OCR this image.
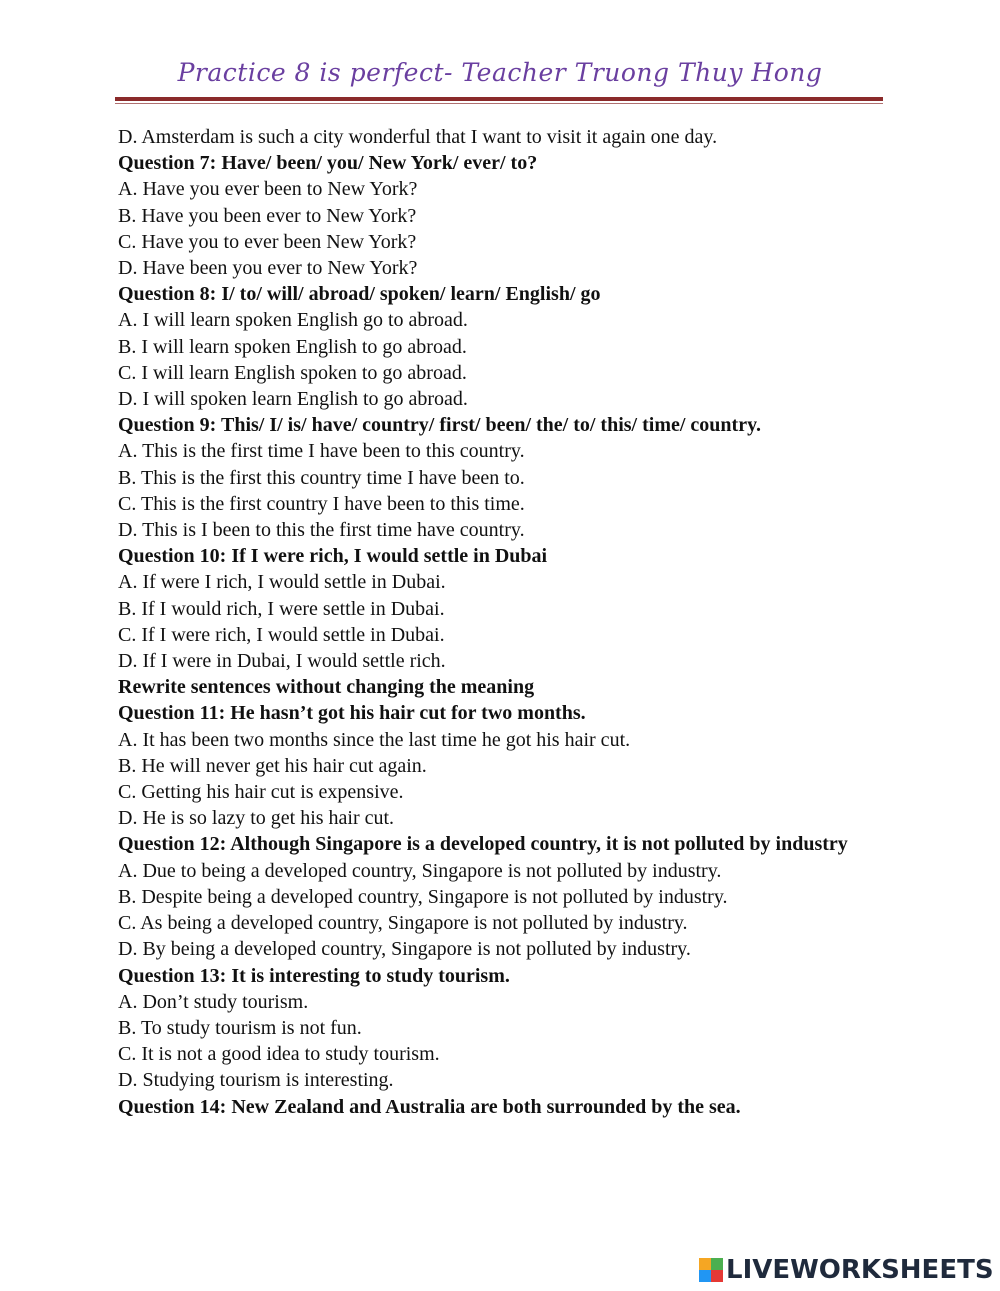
Practice 8 is perfect- Teacher Truong Thuy Hong
D. Amsterdam is such a city wonderful that I want to visit it again one day.
Question 7: Have/ been/ you/ New York/ ever/ to?
A. Have you ever been to New York?
B. Have you been ever to New York?
C. Have you to ever been New York?
D. Have been you ever to New York?
Question 8: I/ to/ will/ abroad/ spoken/ learn/ English/ go
A. I will learn spoken English go to abroad.
B. I will learn spoken English to go abroad.
C. I will learn English spoken to go abroad.
D. I will spoken learn English to go abroad.
Question 9: This/ I/ is/ have/ country/ first/ been/ the/ to/ this/ time/ country.
A. This is the first time I have been to this country.
B. This is the first this country time I have been to.
C. This is the first country I have been to this time.
D. This is I been to this the first time have country.
Question 10: If I were rich, I would settle in Dubai
A. If were I rich, I would settle in Dubai.
B. If I would rich, I were settle in Dubai.
C. If I were rich, I would settle in Dubai.
D. If I were in Dubai, I would settle rich.
Rewrite sentences without changing the meaning
Question 11: He hasn’t got his hair cut for two months.
A. It has been two months since the last time he got his hair cut.
B. He will never get his hair cut again.
C. Getting his hair cut is expensive.
D. He is so lazy to get his hair cut.
Question 12: Although Singapore is a developed country, it is not polluted by industry
A. Due to being a developed country, Singapore is not polluted by industry.
B. Despite being a developed country, Singapore is not polluted by industry.
C. As being a developed country, Singapore is not polluted by industry.
D. By being a developed country, Singapore is not polluted by industry.
Question 13: It is interesting to study tourism.
A. Don’t study tourism.
B. To study tourism is not fun.
C. It is not a good idea to study tourism.
D. Studying tourism is interesting.
Question 14: New Zealand and Australia are both surrounded by the sea.
LIVEWORKSHEETS
